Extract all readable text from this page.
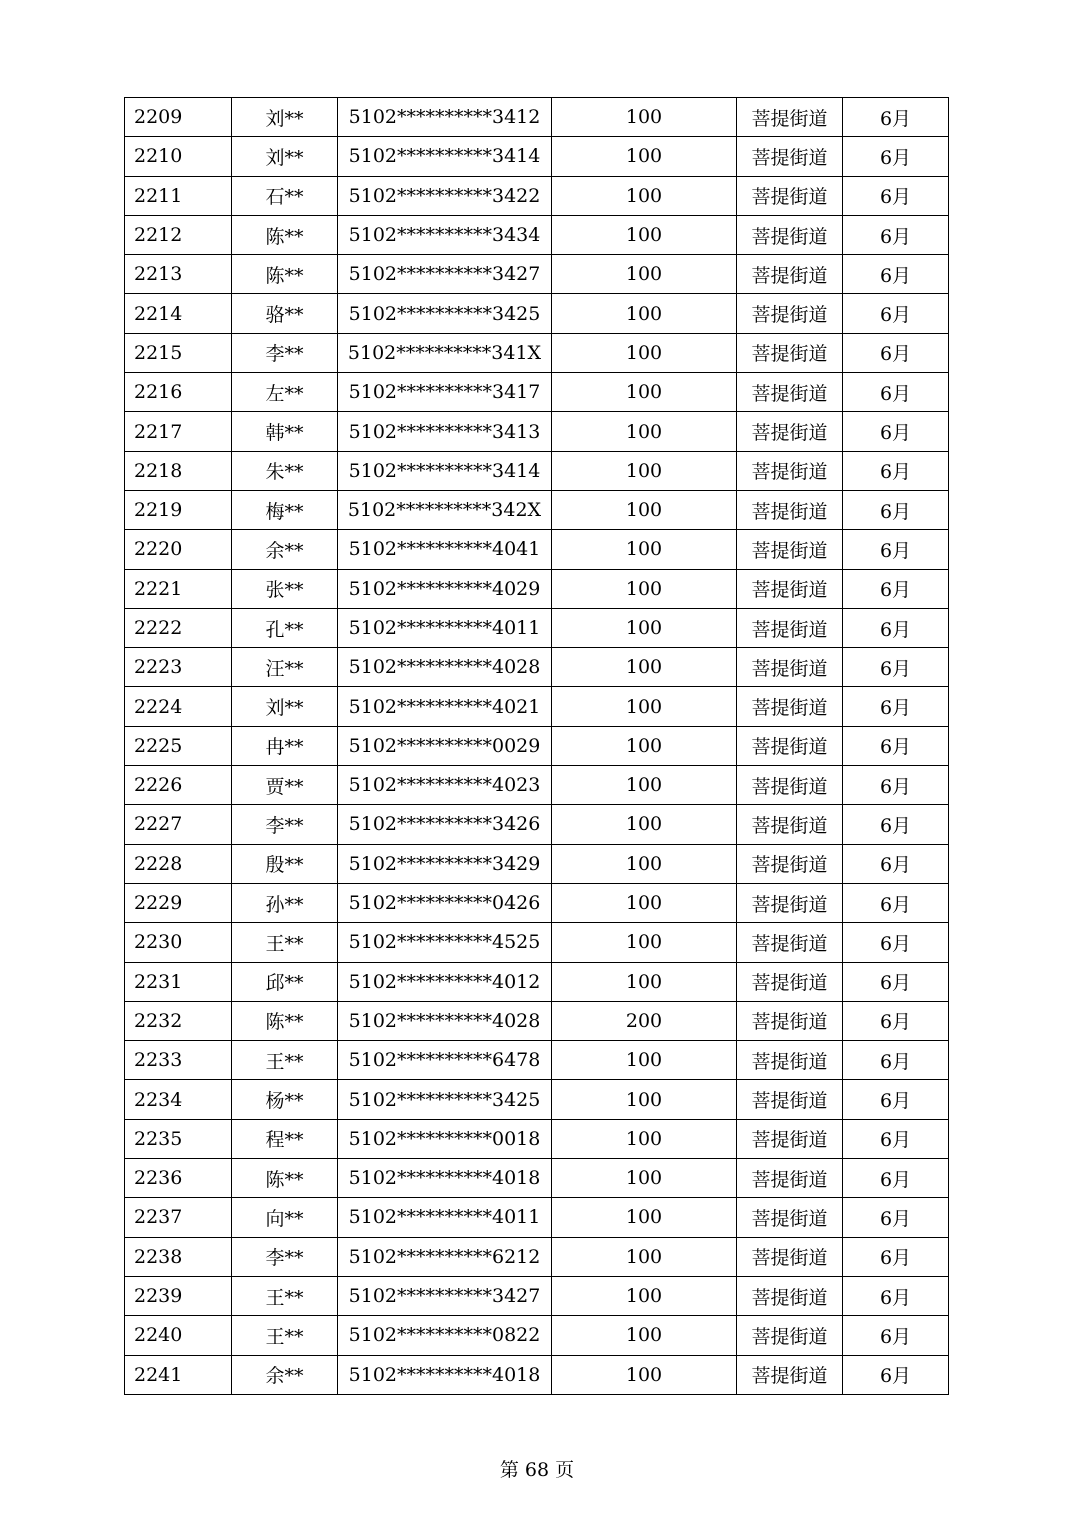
2209	刘**	5102**********3412	100	菩提街道	6月
2210	刘**	5102**********3414	100	菩提街道	6月
2211	石**	5102**********3422	100	菩提街道	6月
2212	陈**	5102**********3434	100	菩提街道	6月
2213	陈**	5102**********3427	100	菩提街道	6月
2214	骆**	5102**********3425	100	菩提街道	6月
2215	李**	5102**********341X	100	菩提街道	6月
2216	左**	5102**********3417	100	菩提街道	6月
2217	韩**	5102**********3413	100	菩提街道	6月
2218	朱**	5102**********3414	100	菩提街道	6月
2219	梅**	5102**********342X	100	菩提街道	6月
2220	余**	5102**********4041	100	菩提街道	6月
2221	张**	5102**********4029	100	菩提街道	6月
2222	孔**	5102**********4011	100	菩提街道	6月
2223	汪**	5102**********4028	100	菩提街道	6月
2224	刘**	5102**********4021	100	菩提街道	6月
2225	冉**	5102**********0029	100	菩提街道	6月
2226	贾**	5102**********4023	100	菩提街道	6月
2227	李**	5102**********3426	100	菩提街道	6月
2228	殷**	5102**********3429	100	菩提街道	6月
2229	孙**	5102**********0426	100	菩提街道	6月
2230	王**	5102**********4525	100	菩提街道	6月
2231	邱**	5102**********4012	100	菩提街道	6月
2232	陈**	5102**********4028	200	菩提街道	6月
2233	王**	5102**********6478	100	菩提街道	6月
2234	杨**	5102**********3425	100	菩提街道	6月
2235	程**	5102**********0018	100	菩提街道	6月
2236	陈**	5102**********4018	100	菩提街道	6月
2237	向**	5102**********4011	100	菩提街道	6月
2238	李**	5102**********6212	100	菩提街道	6月
2239	王**	5102**********3427	100	菩提街道	6月
2240	王**	5102**********0822	100	菩提街道	6月
2241	余**	5102**********4018	100	菩提街道	6月
第 68 页
